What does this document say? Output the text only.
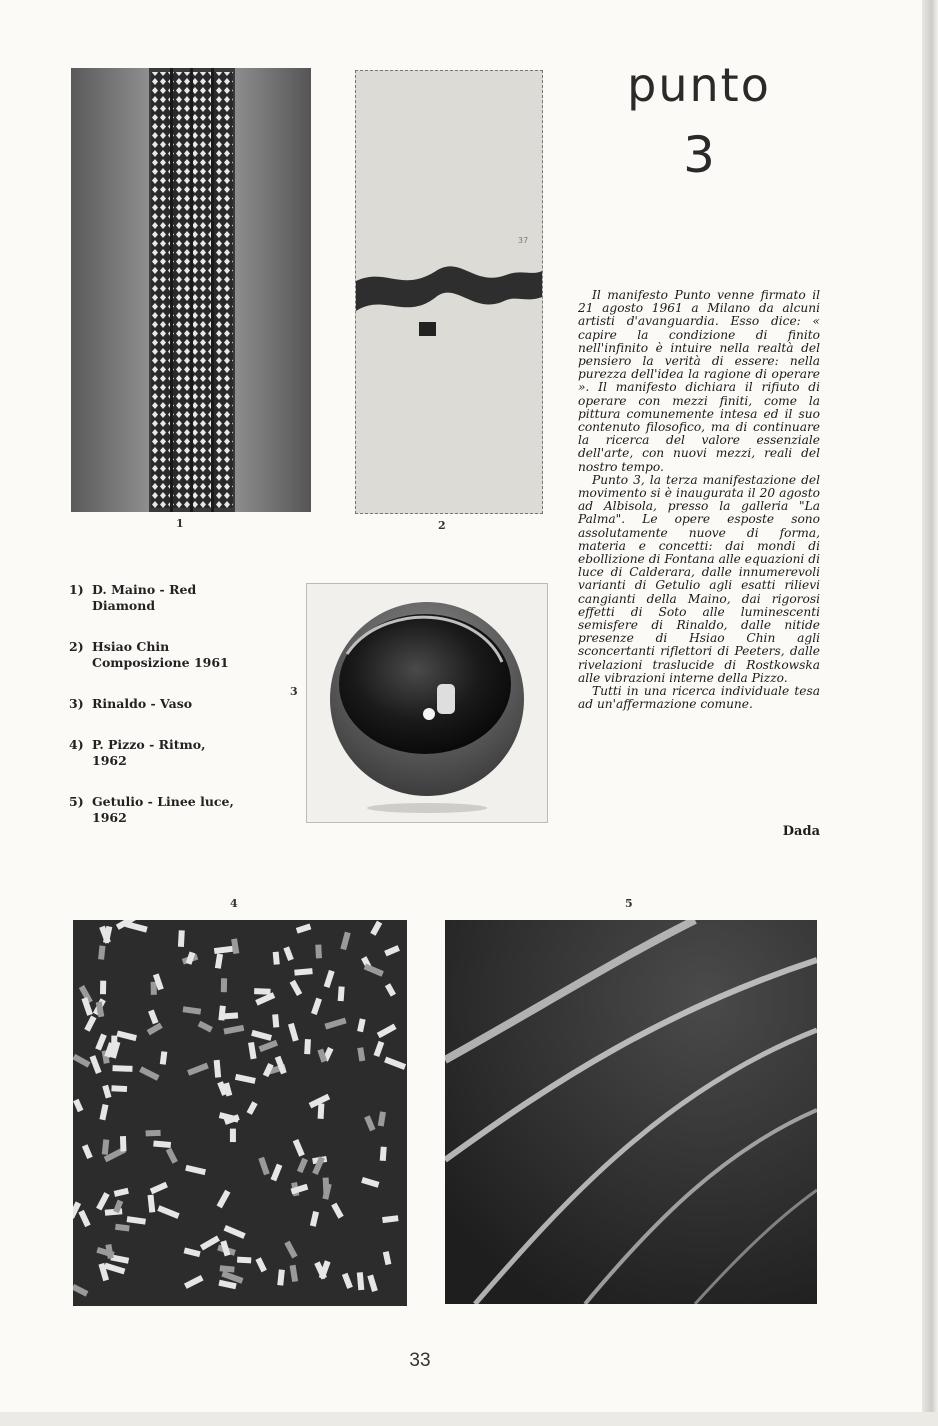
1
37
2
3
punto
3

Il manifesto Punto venne firmato il 21 agosto 1961 a Milano da alcuni artisti d'avanguardia. Esso dice: « capire la condizione di finito nell'infinito è intuire nella realtà del pensiero la verità di essere: nella purezza dell'idea la ragione di operare ». Il manifesto dichiara il rifiuto di operare con mezzi finiti, come la pittura comunemente intesa ed il suo contenuto filosofico, ma di continuare la ricerca del valore essenziale dell'arte, con nuovi mezzi, reali del nostro tempo.

Punto 3, la terza manifestazione del movimento si è inaugurata il 20 agosto ad Albisola, presso la galleria "La Palma". Le opere esposte sono assolutamente nuove di forma, materia e concetti: dai mondi di ebollizione di Fontana alle equazioni di luce di Calderara, dalle innumerevoli varianti di Getulio agli esatti rilievi cangianti della Maino, dai rigorosi effetti di Soto alle luminescenti semisfere di Rinaldo, dalle nitide presenze di Hsiao Chin agli sconcertanti riflettori di Peeters, dalle rivelazioni traslucide di Rostkowska alle vibrazioni interne della Pizzo.

Tutti in una ricerca individuale tesa ad un'affermazione comune.

Dada
1) D. Maino - Red Diamond
2) Hsiao Chin Composizione 1961
3) Rinaldo - Vaso
4) P. Pizzo - Ritmo, 1962
5) Getulio - Linee luce, 1962
4	5
33
